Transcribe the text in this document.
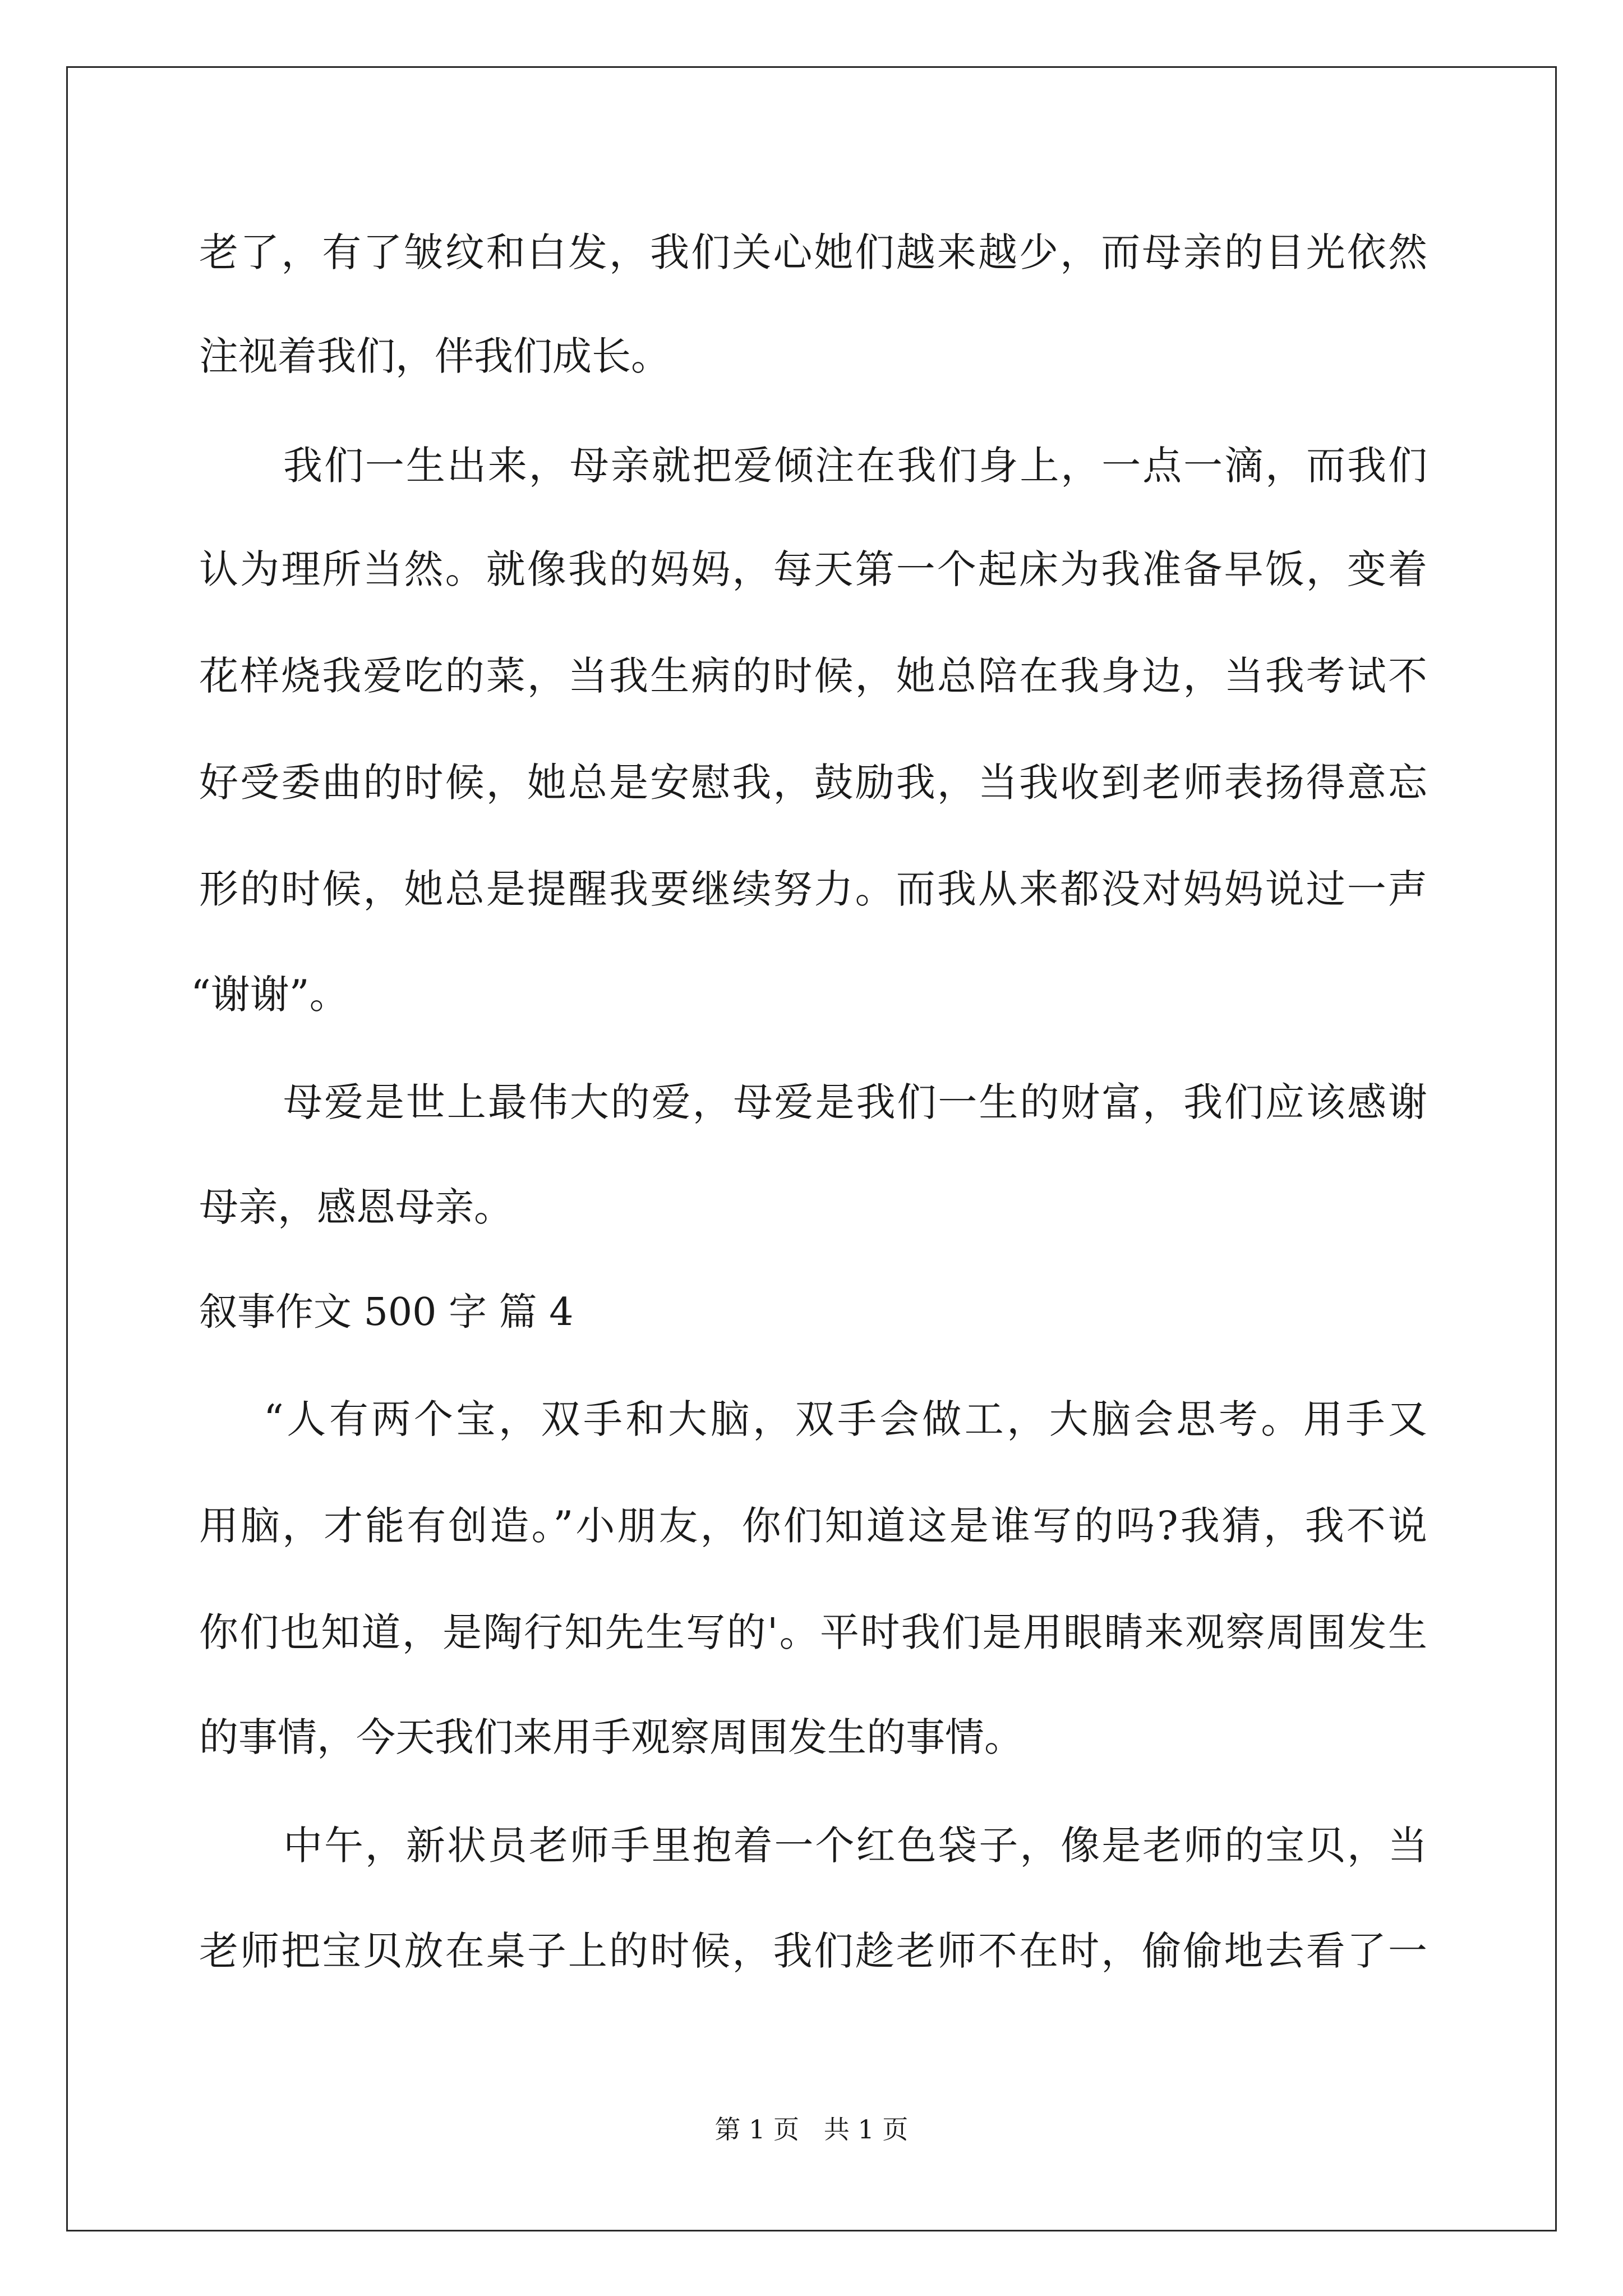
老了，有了皱纹和白发，我们关心她们越来越少，而母亲的目光依然
注视着我们，伴我们成长。
我们一生出来，母亲就把爱倾注在我们身上，一点一滴，而我们
认为理所当然。就像我的妈妈，每天第一个起床为我准备早饭，变着
花样烧我爱吃的菜，当我生病的时候，她总陪在我身边，当我考试不
好受委曲的时候，她总是安慰我，鼓励我，当我收到老师表扬得意忘
形的时候，她总是提醒我要继续努力。而我从来都没对妈妈说过一声
“谢谢”。
母爱是世上最伟大的爱，母爱是我们一生的财富，我们应该感谢
母亲，感恩母亲。
叙事作文 500 字 篇 4
“人有两个宝，双手和大脑，双手会做工，大脑会思考。用手又
用脑，才能有创造。”小朋友，你们知道这是谁写的吗?我猜，我不说
你们也知道，是陶行知先生写的'。平时我们是用眼睛来观察周围发生
的事情，今天我们来用手观察周围发生的事情。
中午，新状员老师手里抱着一个红色袋子，像是老师的宝贝，当
老师把宝贝放在桌子上的时候，我们趁老师不在时，偷偷地去看了一
第 1 页   共 1 页
